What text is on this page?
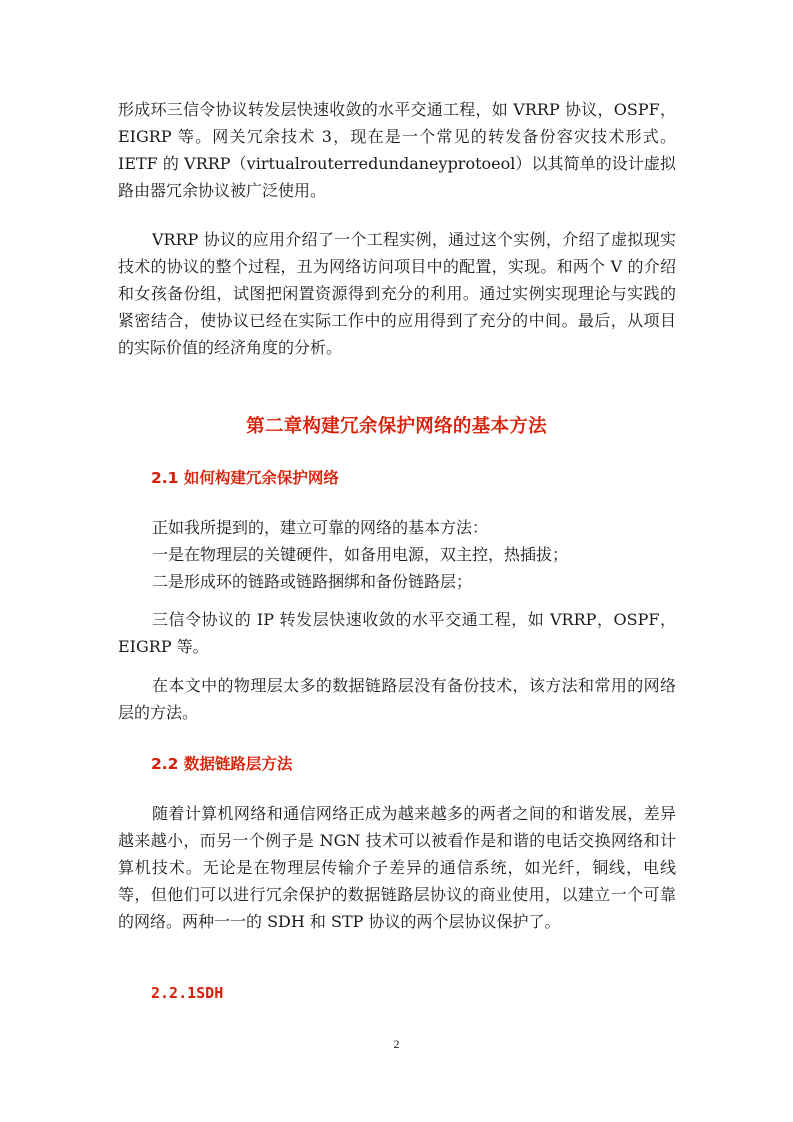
形成环三信令协议转发层快速收敛的水平交通工程，如 VRRP 协议，OSPF，EIGRP 等。网关冗余技术 3，现在是一个常见的转发备份容灾技术形式。IETF 的 VRRP（virtualrouterredundaneyprotoeol）以其简单的设计虚拟路由器冗余协议被广泛使用。

VRRP 协议的应用介绍了一个工程实例，通过这个实例，介绍了虚拟现实技术的协议的整个过程，丑为网络访问项目中的配置，实现。和两个 V 的介绍和女孩备份组，试图把闲置资源得到充分的利用。通过实例实现理论与实践的紧密结合，使协议已经在实际工作中的应用得到了充分的中间。最后，从项目的实际价值的经济角度的分析。

第二章构建冗余保护网络的基本方法
2.1 如何构建冗余保护网络

正如我所提到的，建立可靠的网络的基本方法：

一是在物理层的关键硬件，如备用电源，双主控，热插拔；

二是形成环的链路或链路捆绑和备份链路层；

三信令协议的 IP 转发层快速收敛的水平交通工程，如 VRRP，OSPF，EIGRP 等。

在本文中的物理层太多的数据链路层没有备份技术，该方法和常用的网络层的方法。

2.2 数据链路层方法

随着计算机网络和通信网络正成为越来越多的两者之间的和谐发展，差异越来越小，而另一个例子是 NGN 技术可以被看作是和谐的电话交换网络和计算机技术。无论是在物理层传输介子差异的通信系统，如光纤，铜线，电线等，但他们可以进行冗余保护的数据链路层协议的商业使用，以建立一个可靠的网络。两种一一的 SDH 和 STP 协议的两个层协议保护了。

2.2.1SDH
2
